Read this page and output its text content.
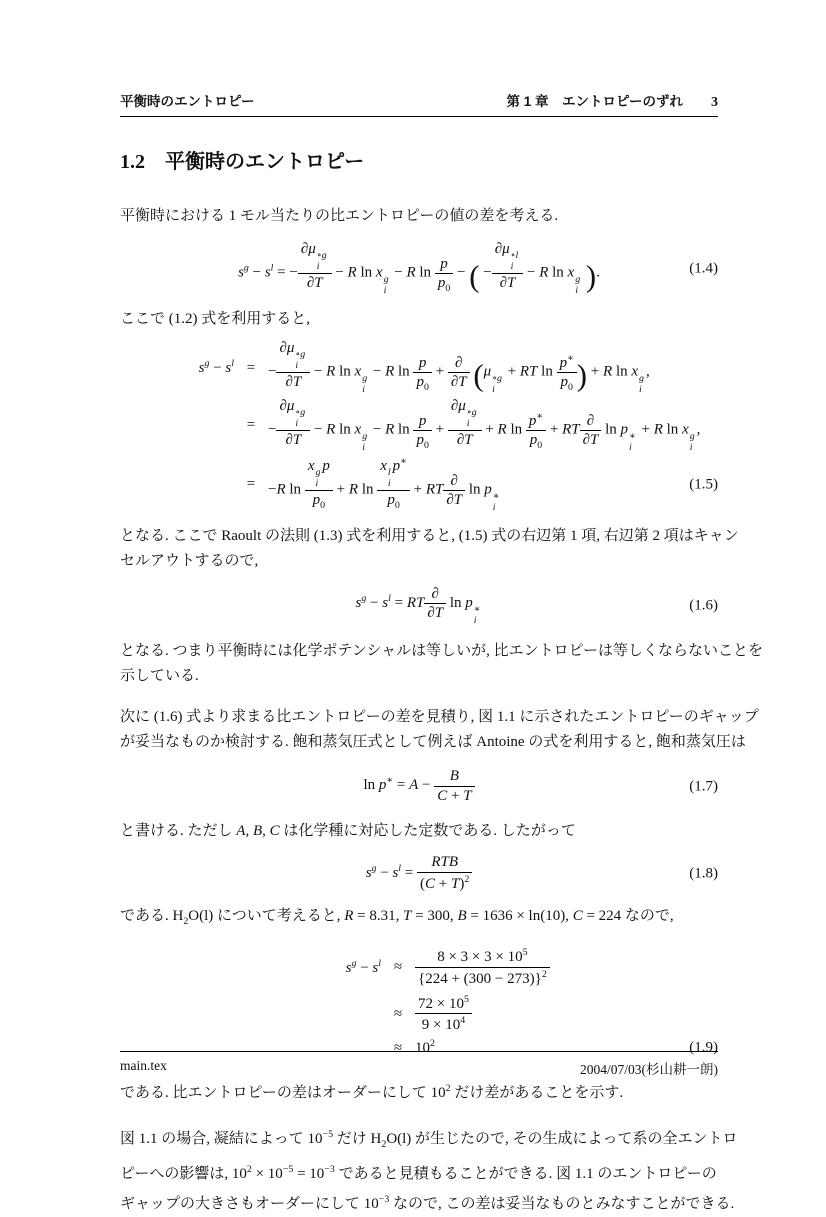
平衡時のエントロピー	第 1 章　エントロピーのずれ 3
1.2 平衡時のエントロピー
平衡時における 1 モル当たりの比エントロピーの値の差を考える.
$s^g - s^l$ = − ∂μ ∘g
i
∂T − R ln x g
i
− R $\ln \frac{p}{p_0}$ − ( − ∂μ ∘l
i
∂T − R ln x g
i ).	(1.4)
ここで (1.2) 式を利用すると,
$s^g - s^l$ = − ∂μ ∘g
i
∂T − R ln x g
i
− R $\ln \frac{p}{p_0}$ +
∂
∂T (μ ∘g
i
+ RT $\ln \frac{p^∗}{p_0}$ ) + R ln x g
i
,
= − ∂μ ∘g
i
∂T − R ln x g
i
− R $\ln \frac{p}{p_0} + \partial\mu$ ∘g
i
∂T + R $\ln \frac{p^∗}{p_0}$ + RT
∂
∂T
ln p ∗
i
+ R ln x g
i
,
= −R ln
x g
i
p
$p_0$
+ R ln
x l
i
p∗
$p_0$
+ RT
∂
∂T
ln p ∗
i
(1.5)
となる. ここで Raoult の法則 (1.3) 式を利用すると, (1.5) 式の右辺第 1 項, 右辺第 2 項はキャン
セルアウトするので,
$s^g - s^l$ = RT
∂
∂T
ln p ∗
i
(1.6)
となる. つまり平衡時には化学ポテンシャルは等しいが, 比エントロピーは等しくならないことを
示している.
次に (1.6) 式より求まる比エントロピーの差を見積り, 図 1.1 に示されたエントロピーのギャップ
が妥当なものか検討する. 飽和蒸気圧式として例えば Antoine の式を利用すると, 飽和蒸気圧は
$\ln p^∗ = A - \frac{B}{C + T}$	(1.7)
と書ける. ただし A, B, C は化学種に対応した定数である. したがって
$s^g - s^l$ =
RTB
$(C + T)^2$	(1.8)
である. $H_2O(l)$ について考えると, R = 8.31, T = 300, B = 1636 × ln(10), C = 224 なので,
$s^g - s^l \approx \frac{8 \times 3 \times 3 \times 10^5}{\{224 + (300 - 273)\}^2}$
≈ $\frac{72 \times 10^5}{9 \times 10^4}$
≈ $10^2$	(1.9)
である. 比エントロピーの差はオーダーにして $10^2$ だけ差があることを示す.
図 1.1 の場合, 凝結によって $10^{-5}$ だけ $H_2O(l)$ が生じたので, その生成によって系の全エントロ
ピーへの影響は, $10^2 \times 10^{-5} = 10^{-3}$ であると見積もることができる. 図 1.1 のエントロピーの
ギャップの大きさもオーダーにして $10^{-3}$ なので, この差は妥当なものとみなすことができる.
main.tex	2004/07/03(杉山耕一朗)
